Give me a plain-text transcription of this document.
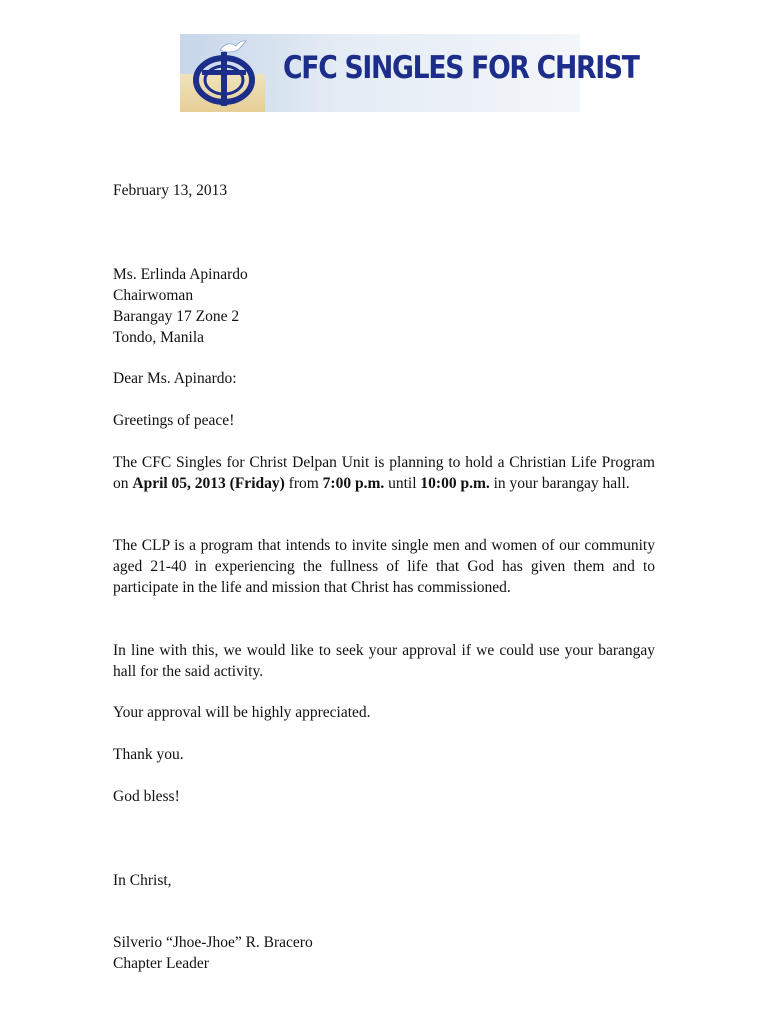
CFC SINGLES FOR CHRIST
February 13, 2013

Ms. Erlinda Apinardo

Chairwoman

Barangay 17 Zone 2

Tondo, Manila

Dear Ms. Apinardo:
Greetings of peace!
The CFC Singles for Christ Delpan Unit is planning to hold a Christian Life Program on April 05, 2013 (Friday) from 7:00 p.m. until 10:00 p.m. in your barangay hall.
The CLP is a program that intends to invite single men and women of our community aged 21-40 in experiencing the fullness of life that God has given them and to participate in the life and mission that Christ has commissioned.
In line with this, we would like to seek your approval if we could use your barangay hall for the said activity.
Your approval will be highly appreciated.
Thank you.
God bless!
In Christ,

Silverio “Jhoe-Jhoe” R. Bracero

Chapter Leader
